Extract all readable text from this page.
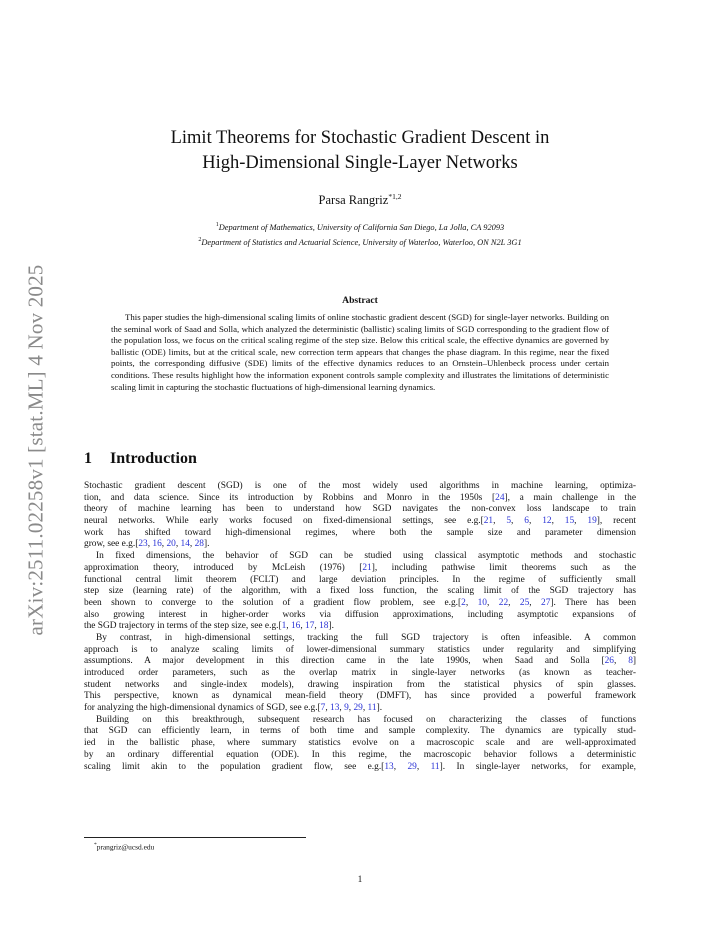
arXiv:2511.02258v1 [stat.ML] 4 Nov 2025
Limit Theorems for Stochastic Gradient Descent in
High-Dimensional Single-Layer Networks
Parsa Rangriz$^{*1,2}$
$^1$Department of Mathematics, University of California San Diego, La Jolla, CA 92093
$^2$Department of Statistics and Actuarial Science, University of Waterloo, Waterloo, ON N2L 3G1
Abstract

This paper studies the high-dimensional scaling limits of online stochastic gradient descent (SGD) for single-layer networks. Building on the seminal work of Saad and Solla, which analyzed the deterministic (ballistic) scaling limits of SGD corresponding to the gradient flow of the population loss, we focus on the critical scaling regime of the step size. Below this critical scale, the effective dynamics are governed by ballistic (ODE) limits, but at the critical scale, new correction term appears that changes the phase diagram. In this regime, near the fixed points, the corresponding diffusive (SDE) limits of the effective dynamics reduces to an Ornstein–Uhlenbeck process under certain conditions. These results highlight how the information exponent controls sample complexity and illustrates the limitations of deterministic scaling limit in capturing the stochastic fluctuations of high-dimensional learning dynamics.

1 Introduction
Stochastic gradient descent (SGD) is one of the most widely used algorithms in machine learning, optimiza-
tion, and data science. Since its introduction by Robbins and Monro in the 1950s [24], a main challenge in the
theory of machine learning has been to understand how SGD navigates the non-convex loss landscape to train
neural networks. While early works focused on fixed-dimensional settings, see e.g.[21, 5, 6, 12, 15, 19], recent
work has shifted toward high-dimensional regimes, where both the sample size and parameter dimension
grow, see e.g.[23, 16, 20, 14, 28].
In fixed dimensions, the behavior of SGD can be studied using classical asymptotic methods and stochastic
approximation theory, introduced by McLeish (1976) [21], including pathwise limit theorems such as the
functional central limit theorem (FCLT) and large deviation principles. In the regime of sufficiently small
step size (learning rate) of the algorithm, with a fixed loss function, the scaling limit of the SGD trajectory has
been shown to converge to the solution of a gradient flow problem, see e.g.[2, 10, 22, 25, 27]. There has been
also growing interest in higher-order works via diffusion approximations, including asymptotic expansions of
the SGD trajectory in terms of the step size, see e.g.[1, 16, 17, 18].
By contrast, in high-dimensional settings, tracking the full SGD trajectory is often infeasible. A common
approach is to analyze scaling limits of lower-dimensional summary statistics under regularity and simplifying
assumptions. A major development in this direction came in the late 1990s, when Saad and Solla [26, 8]
introduced order parameters, such as the overlap matrix in single-layer networks (as known as teacher-
student networks and single-index models), drawing inspiration from the statistical physics of spin glasses.
This perspective, known as dynamical mean-field theory (DMFT), has since provided a powerful framework
for analyzing the high-dimensional dynamics of SGD, see e.g.[7, 13, 9, 29, 11].
Building on this breakthrough, subsequent research has focused on characterizing the classes of functions
that SGD can efficiently learn, in terms of both time and sample complexity. The dynamics are typically stud-
ied in the ballistic phase, where summary statistics evolve on a macroscopic scale and are well-approximated
by an ordinary differential equation (ODE). In this regime, the macroscopic behavior follows a deterministic
scaling limit akin to the population gradient flow, see e.g.[13, 29, 11]. In single-layer networks, for example,
*prangriz@ucsd.edu
1
